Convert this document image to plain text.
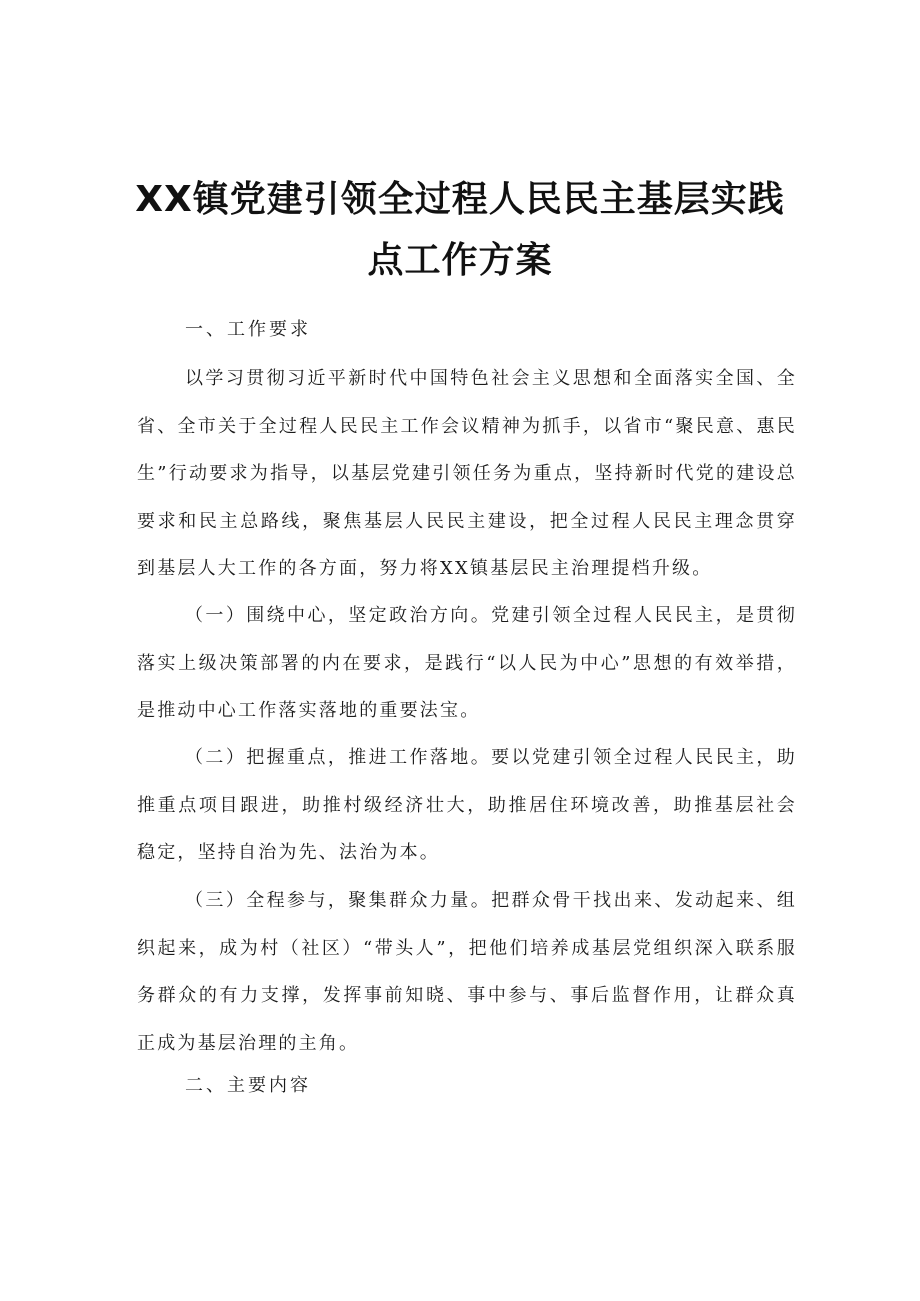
XX镇党建引领全过程人民民主基层实践
点工作方案

一、工作要求

以学习贯彻习近平新时代中国特色社会主义思想和全面落实全国、全省、全市关于全过程人民民主工作会议精神为抓手，以省市“聚民意、惠民生”行动要求为指导，以基层党建引领任务为重点，坚持新时代党的建设总要求和民主总路线，聚焦基层人民民主建设，把全过程人民民主理念贯穿到基层人大工作的各方面，努力将XX镇基层民主治理提档升级。

（一）围绕中心，坚定政治方向。党建引领全过程人民民主，是贯彻落实上级决策部署的内在要求，是践行“以人民为中心”思想的有效举措，是推动中心工作落实落地的重要法宝。

（二）把握重点，推进工作落地。要以党建引领全过程人民民主，助推重点项目跟进，助推村级经济壮大，助推居住环境改善，助推基层社会稳定，坚持自治为先、法治为本。

（三）全程参与，聚集群众力量。把群众骨干找出来、发动起来、组织起来，成为村（社区）“带头人”，把他们培养成基层党组织深入联系服务群众的有力支撑，发挥事前知晓、事中参与、事后监督作用，让群众真正成为基层治理的主角。

二、主要内容
